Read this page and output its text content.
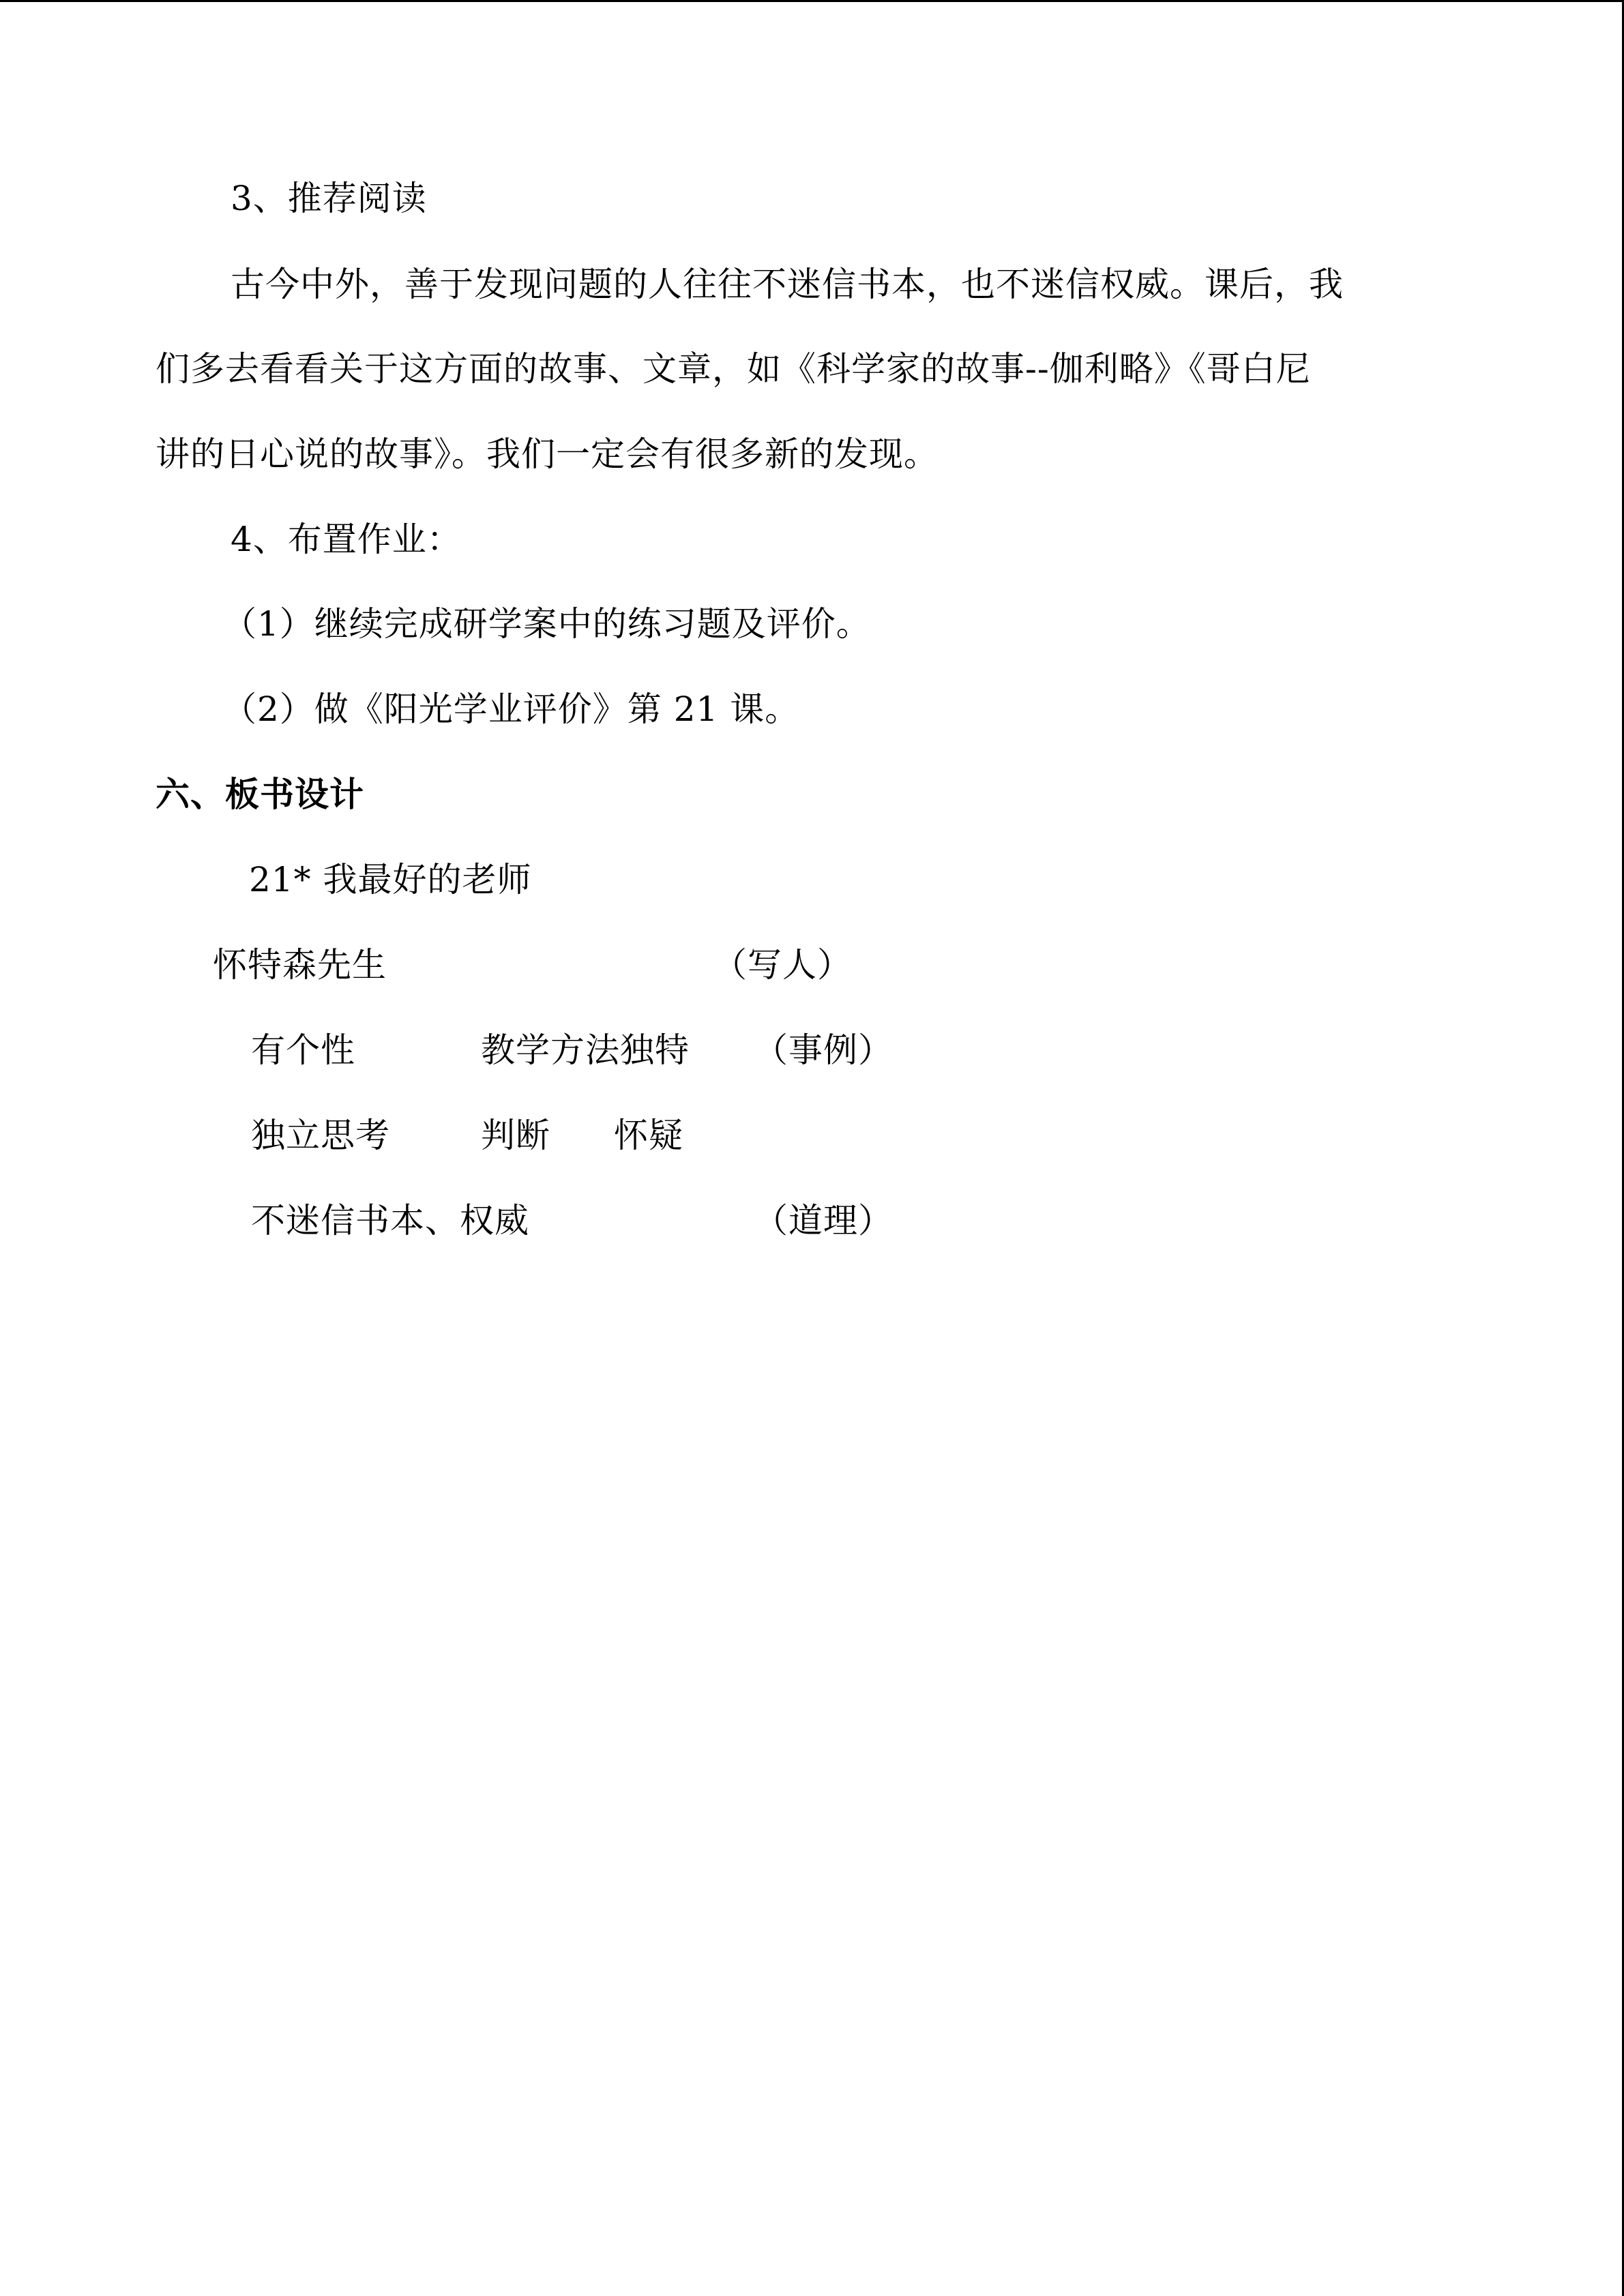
3、推荐阅读
古今中外，善于发现问题的人往往不迷信书本，也不迷信权威。课后，我
们多去看看关于这方面的故事、文章，如《科学家的故事--伽利略》《哥白尼
讲的日心说的故事》。我们一定会有很多新的发现。
4、布置作业：
（1）继续完成研学案中的练习题及评价。
（2）做《阳光学业评价》第 21 课。
六、板书设计
21* 我最好的老师
怀特森先生	（写人）
有个性	教学方法独特 （事例）
独立思考	判断 怀疑
不迷信书本、权威	（道理）
